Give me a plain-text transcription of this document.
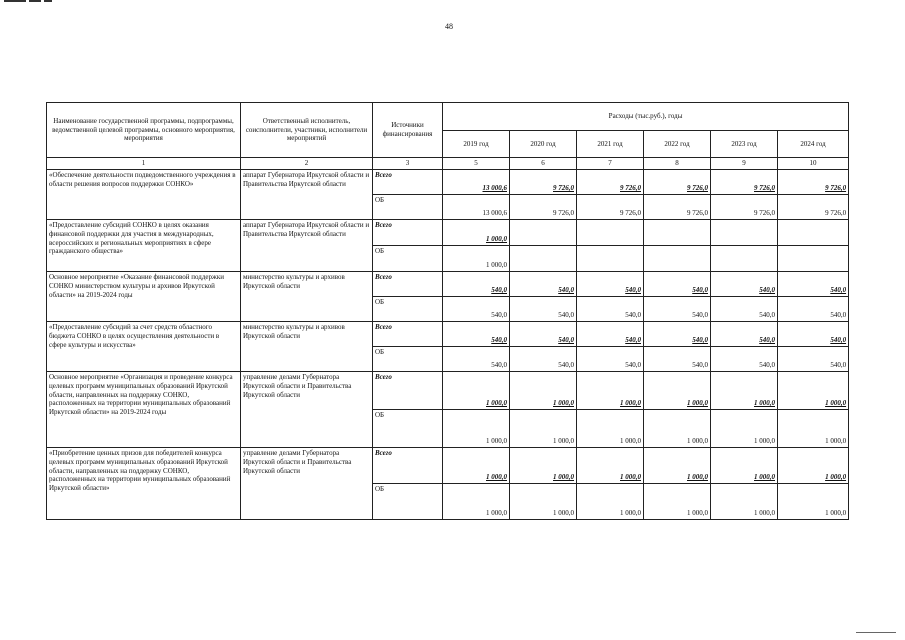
48
Наименование государственной программы, подпрограммы, ведомственной целевой программы, основного мероприятия, мероприятия	Ответственный исполнитель, соисполнители, участники, исполнители мероприятий	Источники финансирования	Расходы (тыс.руб.), годы					
			2019 год	2020 год	2021 год	2022 год	2023 год	2024 год
1	2	3	5	6	7	8	9	10
«Обеспечение деятельности подведомственного учреждения в области решения вопросов поддержки СОНКО»	аппарат Губернатора Иркутской области и Правительства Иркутской области	Всего	13 000,6	9 726,0	9 726,0	9 726,0	9 726,0	9 726,0
		ОБ	13 000,6	9 726,0	9 726,0	9 726,0	9 726,0	9 726,0
«Предоставление субсидий СОНКО в целях оказания финансовой поддержки для участия в международных, всероссийских и региональных мероприятиях в сфере гражданского общества»	аппарат Губернатора Иркутской области и Правительства Иркутской области	Всего	1 000,0					
		ОБ	1 000,0					
Основное мероприятие «Оказание финансовой поддержки СОНКО министерством культуры и архивов Иркутской области» на 2019-2024 годы	министерство культуры и архивов Иркутской области	Всего	540,0	540,0	540,0	540,0	540,0	540,0
		ОБ	540,0	540,0	540,0	540,0	540,0	540,0
«Предоставление субсидий за счет средств областного бюджета СОНКО в целях осуществления деятельности в сфере культуры и искусства»	министерство культуры и архивов Иркутской области	Всего	540,0	540,0	540,0	540,0	540,0	540,0
		ОБ	540,0	540,0	540,0	540,0	540,0	540,0
Основное мероприятие «Организация и проведение конкурса целевых программ муниципальных образований Иркутской области, направленных на поддержку СОНКО, расположенных на территории муниципальных образований Иркутской области» на 2019-2024 годы	управление делами Губернатора Иркутской области и Правительства Иркутской области	Всего	1 000,0	1 000,0	1 000,0	1 000,0	1 000,0	1 000,0
		ОБ	1 000,0	1 000,0	1 000,0	1 000,0	1 000,0	1 000,0
«Приобретение ценных призов для победителей конкурса целевых программ муниципальных образований Иркутской области, направленных на поддержку СОНКО, расположенных на территории муниципальных образований Иркутской области»	управление делами Губернатора Иркутской области и Правительства Иркутской области	Всего	1 000,0	1 000,0	1 000,0	1 000,0	1 000,0	1 000,0
		ОБ	1 000,0	1 000,0	1 000,0	1 000,0	1 000,0	1 000,0
